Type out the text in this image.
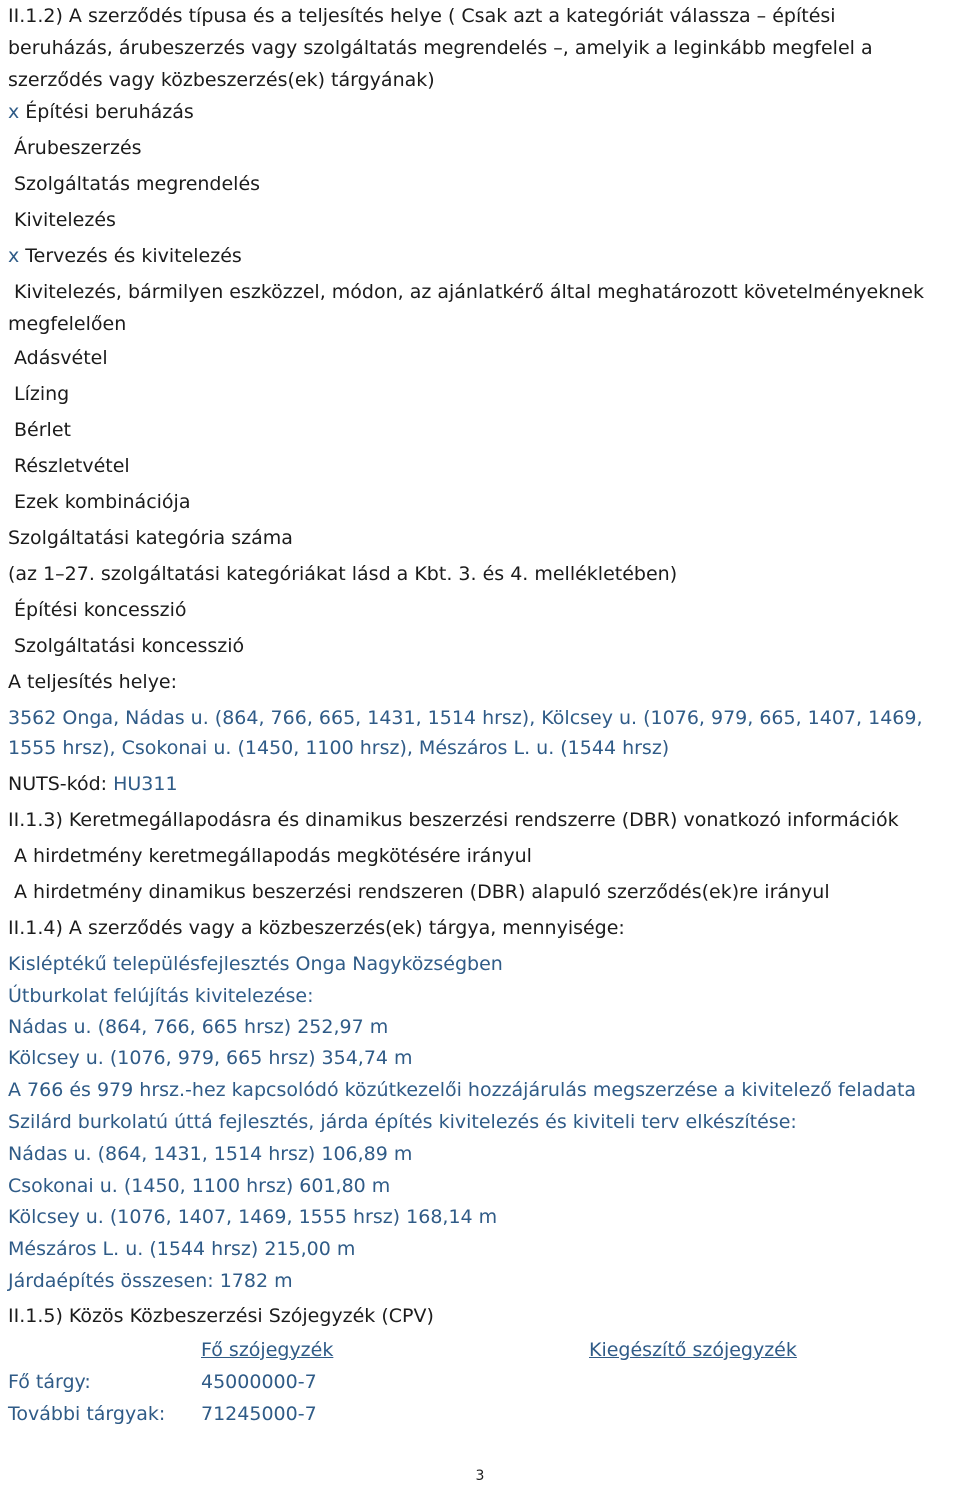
II.1.2) A szerződés típusa és a teljesítés helye ( Csak azt a kategóriát válassza – építési
beruházás, árubeszerzés vagy szolgáltatás megrendelés –, amelyik a leginkább megfelel a
szerződés vagy közbeszerzés(ek) tárgyának)
x Építési beruházás
Árubeszerzés
Szolgáltatás megrendelés
Kivitelezés
x Tervezés és kivitelezés
Kivitelezés, bármilyen eszközzel, módon, az ajánlatkérő által meghatározott követelményeknek
megfelelően
Adásvétel
Lízing
Bérlet
Részletvétel
Ezek kombinációja
Szolgáltatási kategória száma
(az 1–27. szolgáltatási kategóriákat lásd a Kbt. 3. és 4. mellékletében)
Építési koncesszió
Szolgáltatási koncesszió
A teljesítés helye:
3562 Onga, Nádas u. (864, 766, 665, 1431, 1514 hrsz), Kölcsey u. (1076, 979, 665, 1407, 1469,
1555 hrsz), Csokonai u. (1450, 1100 hrsz), Mészáros L. u. (1544 hrsz)
NUTS-kód: HU311
II.1.3) Keretmegállapodásra és dinamikus beszerzési rendszerre (DBR) vonatkozó információk
A hirdetmény keretmegállapodás megkötésére irányul
A hirdetmény dinamikus beszerzési rendszeren (DBR) alapuló szerződés(ek)re irányul
II.1.4) A szerződés vagy a közbeszerzés(ek) tárgya, mennyisége:
Kisléptékű településfejlesztés Onga Nagyközségben
Útburkolat felújítás kivitelezése:
Nádas u. (864, 766, 665 hrsz) 252,97 m
Kölcsey u. (1076, 979, 665 hrsz) 354,74 m
A 766 és 979 hrsz.-hez kapcsolódó közútkezelői hozzájárulás megszerzése a kivitelező feladata
Szilárd burkolatú úttá fejlesztés, járda építés kivitelezés és kiviteli terv elkészítése:
Nádas u. (864, 1431, 1514 hrsz) 106,89 m
Csokonai u. (1450, 1100 hrsz) 601,80 m
Kölcsey u. (1076, 1407, 1469, 1555 hrsz) 168,14 m
Mészáros L. u. (1544 hrsz) 215,00 m
Járdaépítés összesen: 1782 m
II.1.5) Közös Közbeszerzési Szójegyzék (CPV)
Fő szójegyzék	Kiegészítő szójegyzék
Fő tárgy:	45000000-7
További tárgyak: 71245000-7
3
